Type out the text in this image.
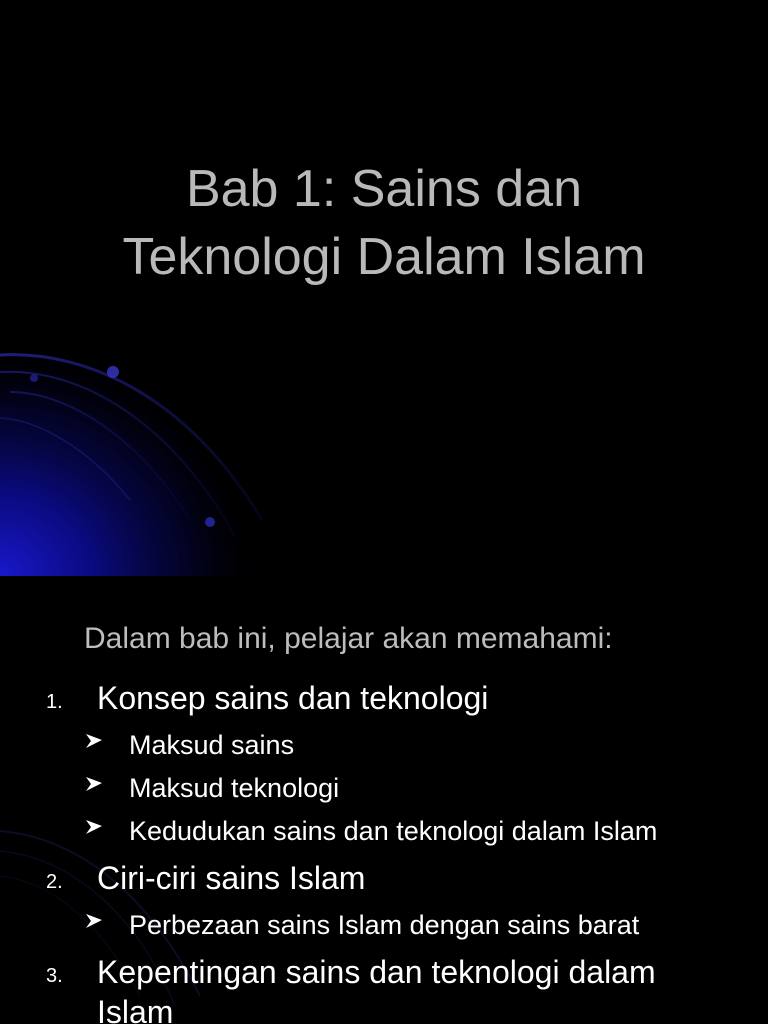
Bab 1: Sains dan
Teknologi Dalam Islam

Dalam bab ini, pelajar akan memahami:

1. Konsep sains dan teknologi
Maksud sains
Maksud teknologi
Kedudukan sains dan teknologi dalam Islam
2. Ciri-ciri sains Islam
Perbezaan sains Islam dengan sains barat
3. Kepentingan sains dan teknologi dalam
Islam
